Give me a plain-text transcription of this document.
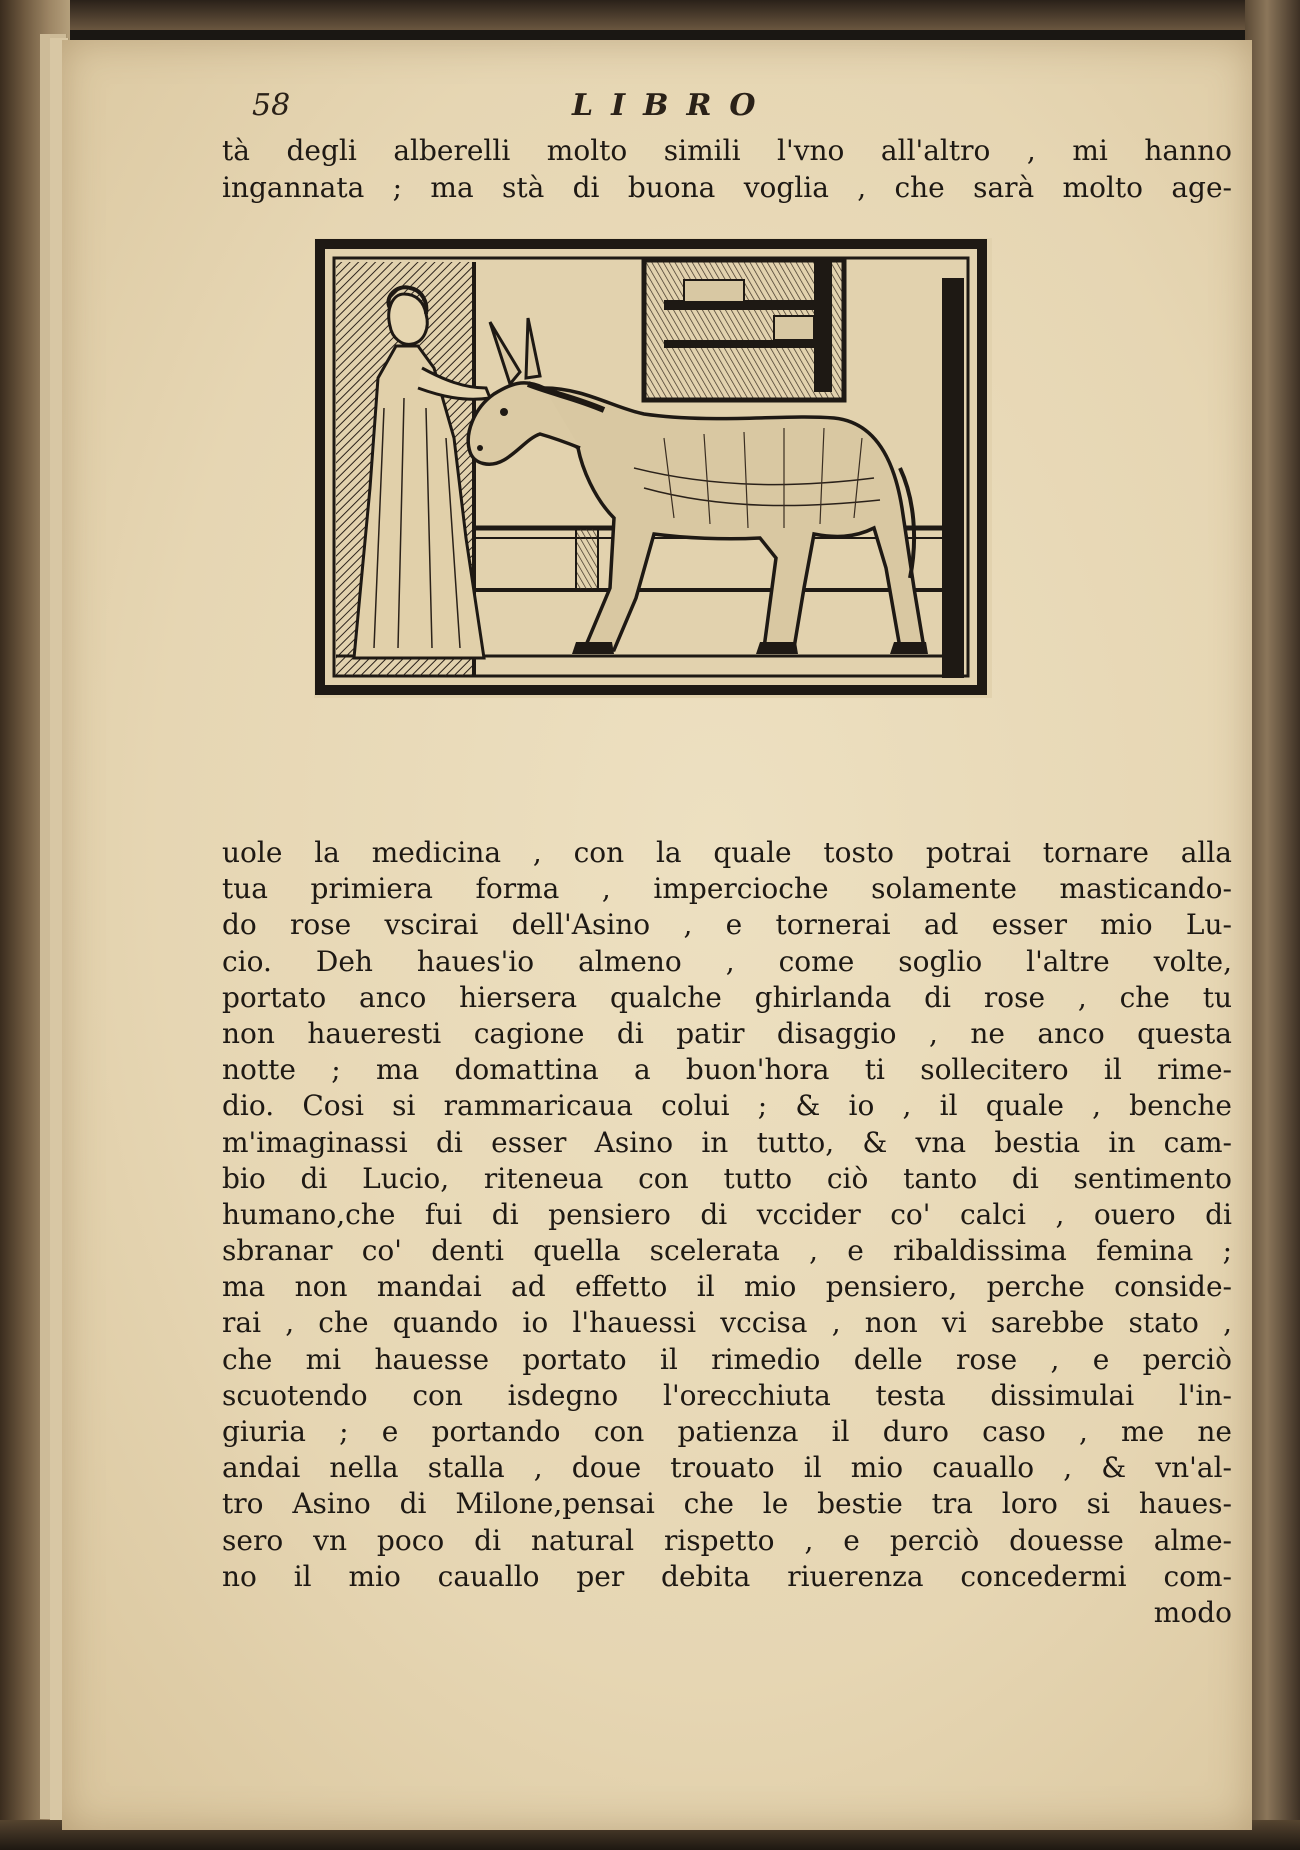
58	LIBRO
tà degli alberelli molto simili l'vno all'altro , mi hanno
ingannata ; ma stà di buona voglia , che sarà molto age-
uole la medicina , con la quale tosto potrai tornare alla
tua primiera forma , impercioche solamente masticando-
do rose vscirai dell'Asino , e tornerai ad esser mio Lu-
cio. Deh haues'io almeno , come soglio l'altre volte,
portato anco hiersera qualche ghirlanda di rose , che tu
non haueresti cagione di patir disaggio , ne anco questa
notte ; ma domattina a buon'hora ti sollecitero il rime-
dio. Cosi si rammaricaua colui ; & io , il quale , benche
m'imaginassi di esser Asino in tutto, & vna bestia in cam-
bio di Lucio, riteneua con tutto ciò tanto di sentimento
humano,che fui di pensiero di vccider co' calci , ouero di
sbranar co' denti quella scelerata , e ribaldissima femina ;
ma non mandai ad effetto il mio pensiero, perche conside-
rai , che quando io l'hauessi vccisa , non vi sarebbe stato ,
che mi hauesse portato il rimedio delle rose , e perciò
scuotendo con isdegno l'orecchiuta testa dissimulai l'in-
giuria ; e portando con patienza il duro caso , me ne
andai nella stalla , doue trouato il mio cauallo , & vn'al-
tro Asino di Milone,pensai che le bestie tra loro si haues-
sero vn poco di natural rispetto , e perciò douesse alme-
no il mio cauallo per debita riuerenza concedermi com-
modo
